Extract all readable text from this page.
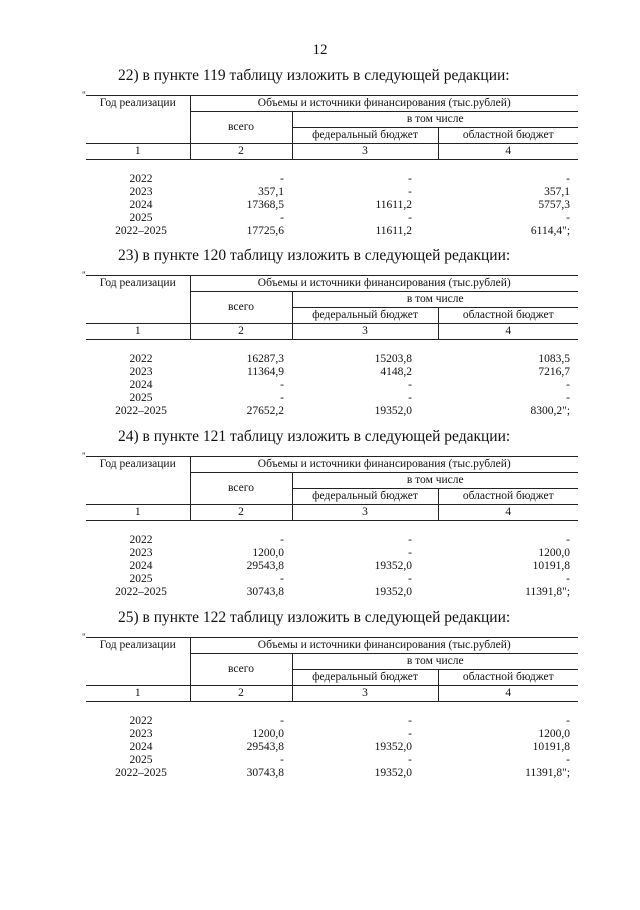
12
22) в пункте 119 таблицу изложить в следующей редакции:
"
Год реализации	Объемы и источники финансирования (тыс.рублей)		
	всего	в том числе	
		федеральный бюджет	областной бюджет
1	2	3	4

2022	-	-	-
2023	357,1	-	357,1
2024	17368,5	11611,2	5757,3
2025	-	-	-
2022–2025	17725,6	11611,2	6114,4";
23) в пункте 120 таблицу изложить в следующей редакции:
"
Год реализации	Объемы и источники финансирования (тыс.рублей)		
	всего	в том числе	
		федеральный бюджет	областной бюджет
1	2	3	4

2022	16287,3	15203,8	1083,5
2023	11364,9	4148,2	7216,7
2024	-	-	-
2025	-	-	-
2022–2025	27652,2	19352,0	8300,2";
24) в пункте 121 таблицу изложить в следующей редакции:
"
Год реализации	Объемы и источники финансирования (тыс.рублей)		
	всего	в том числе	
		федеральный бюджет	областной бюджет
1	2	3	4

2022	-	-	-
2023	1200,0	-	1200,0
2024	29543,8	19352,0	10191,8
2025	-	-	-
2022–2025	30743,8	19352,0	11391,8";
25) в пункте 122 таблицу изложить в следующей редакции:
"
Год реализации	Объемы и источники финансирования (тыс.рублей)		
	всего	в том числе	
		федеральный бюджет	областной бюджет
1	2	3	4

2022	-	-	-
2023	1200,0	-	1200,0
2024	29543,8	19352,0	10191,8
2025	-	-	-
2022–2025	30743,8	19352,0	11391,8";
